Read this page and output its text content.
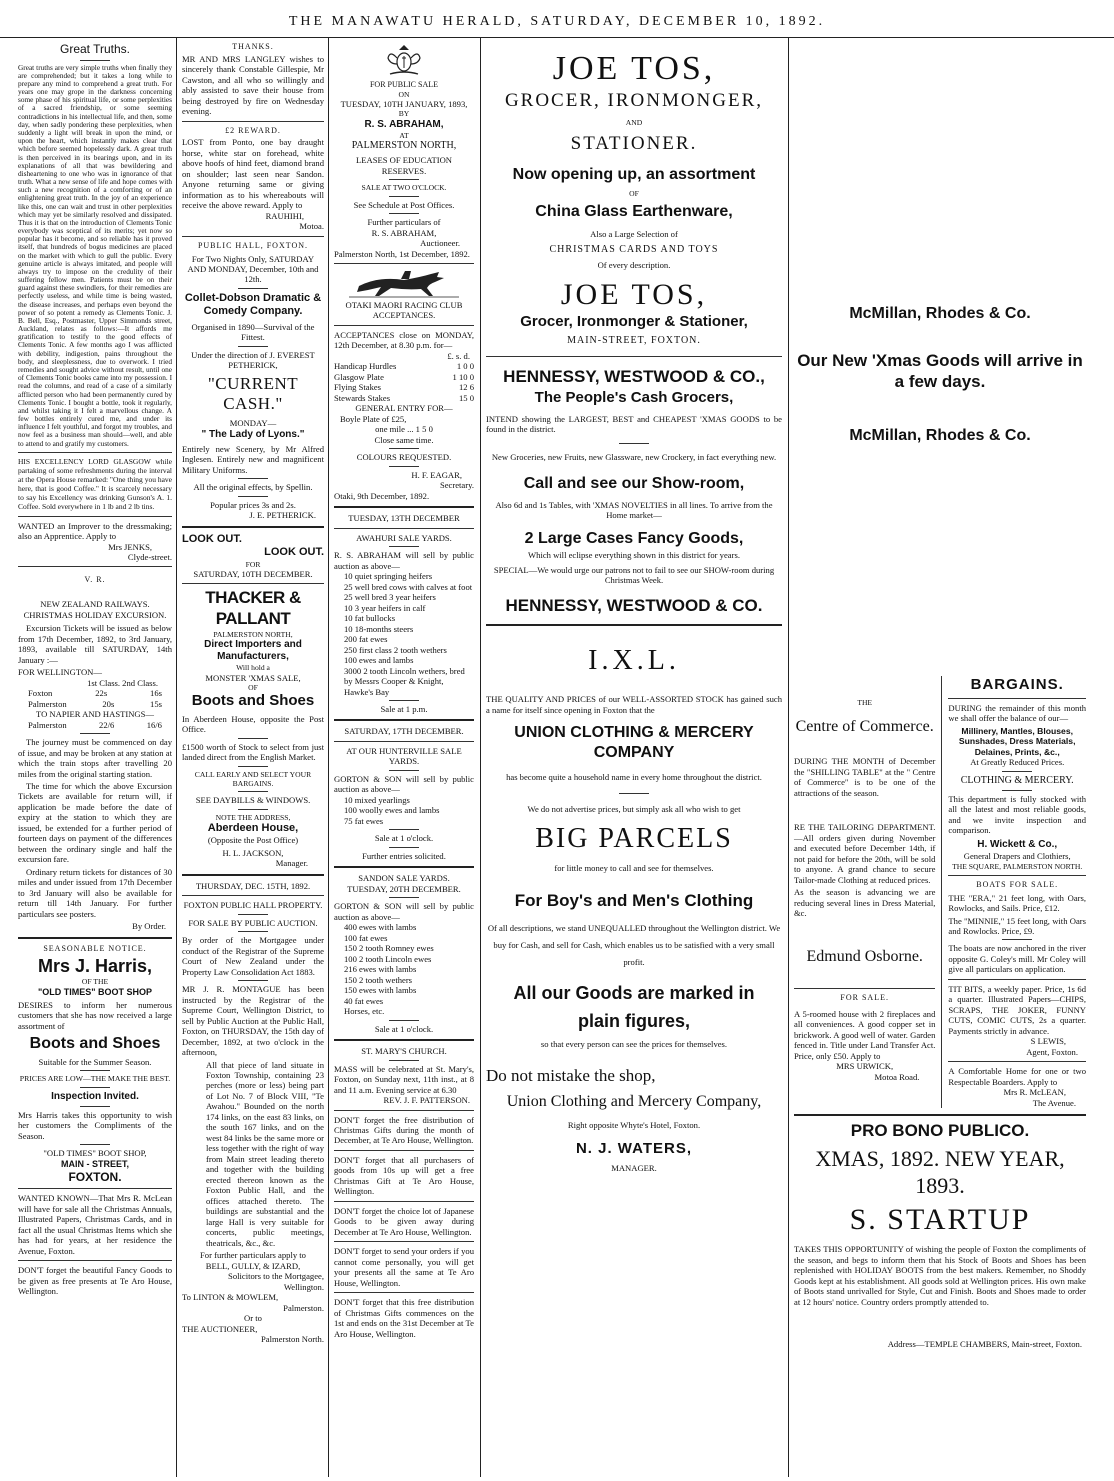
THE MANAWATU HERALD, SATURDAY, DECEMBER 10, 1892.
Great Truths.
Great truths are very simple truths when finally they are comprehended; but it takes a long while to prepare any mind to comprehend a great truth. For years one may grope in the darkness concerning some phase of his spiritual life, or some perplexities of a sacred friendship, or some seeming contradictions in his intellectual life, and then, some day, when sadly pondering these perplexities, when suddenly a light will break in upon the mind, or upon the heart, which instantly makes clear that which before seemed hopelessly dark. A great truth is then perceived in its bearings upon, and in its explanations of all that was bewildering and disheartening to one who was in ignorance of that truth. What a new sense of life and hope comes with such a new recognition of a comforting or of an enlightening great truth. In the joy of an experience like this, one can wait and trust in other perplexities which may yet be similarly resolved and dissipated. Thus it is that on the introduction of Clements Tonic everybody was sceptical of its merits; yet now so popular has it become, and so reliable has it proved itself, that hundreds of bogus medicines are placed on the market with which to gull the public. Every genuine article is always imitated, and people will always try to impose on the credulity of their suffering fellow men. Patients must be on their guard against these swindlers, for their remedies are perfectly useless, and while time is being wasted, the disease increases, and perhaps even beyond the power of so potent a remedy as Clements Tonic. J. B. Bell, Esq., Postmaster, Upper Simmonds street, Auckland, relates as follows:—It affords me gratification to testify to the good effects of Clements Tonic. A few months ago I was afflicted with debility, indigestion, pains throughout the body, and sleeplessness, due to overwork. I tried remedies and sought advice without result, until one of Clements Tonic books came into my possession. I read the columns, and read of a case of a similarly afflicted person who had been permanently cured by Clements Tonic. I bought a bottle, took it regularly, and whilst taking it I felt a marvellous change. A few bottles entirely cured me, and under its influence I felt youthful, and forgot my troubles, and now feel as a business man should—well, and able to attend to and gratify my customers.
HIS EXCELLENCY LORD GLASGOW while partaking of some refreshments during the interval at the Opera House remarked: "One thing you have here, that is good Coffee." It is scarcely necessary to say his Excellency was drinking Gunson's A. 1. Coffee. Sold everywhere in 1 lb and 2 lb tins.
WANTED an Improver to the dressmaking; also an Apprentice. Apply to
Mrs JENKS,
Clyde-street.
V. R.
NEW ZEALAND RAILWAYS.
CHRISTMAS HOLIDAY EXCURSION.
Excursion Tickets will be issued as below from 17th December, 1892, to 3rd January, 1893, available till SATURDAY, 14th January :—
FOR WELLINGTON—
1st Class. 2nd Class.
Foxton	22s	16s
Palmerston	20s	15s
TO NAPIER AND HASTINGS—
Palmerston	22/6	16/6
The journey must be commenced on day of issue, and may be broken at any station at which the train stops after travelling 20 miles from the original starting station.
The time for which the above Excursion Tickets are available for return will, if application be made before the date of expiry at the station to which they are issued, be extended for a further period of fourteen days on payment of the differences between the ordinary single and half the excursion fare.
Ordinary return tickets for distances of 30 miles and under issued from 17th December to 3rd January will also be available for return till 14th January. For further particulars see posters.
By Order.
SEASONABLE NOTICE.
Mrs J. Harris,
OF THE
"OLD TIMES" BOOT SHOP
DESIRES to inform her numerous customers that she has now received a large assortment of
Boots and Shoes
Suitable for the Summer Season.
PRICES ARE LOW—THE MAKE THE BEST.
Inspection Invited.
Mrs Harris takes this opportunity to wish her customers the Compliments of the Season.
"OLD TIMES" BOOT SHOP,
MAIN - STREET,
FOXTON.
WANTED KNOWN—That Mrs R. McLean will have for sale all the Christmas Annuals, Illustrated Papers, Christmas Cards, and in fact all the usual Christmas Items which she has had for years, at her residence the Avenue, Foxton.
DON'T forget the beautiful Fancy Goods to be given as free presents at Te Aro House, Wellington.
THANKS.
MR AND MRS LANGLEY wishes to sincerely thank Constable Gillespie, Mr Cawston, and all who so willingly and ably assisted to save their house from being destroyed by fire on Wednesday evening.
£2 REWARD.
LOST from Ponto, one bay draught horse, white star on forehead, white above hoofs of hind feet, diamond brand on shoulder; last seen near Sandon. Anyone returning same or giving information as to his whereabouts will receive the above reward. Apply to
RAUHIHI,
Motoa.
PUBLIC HALL, FOXTON.
For Two Nights Only, SATURDAY AND MONDAY, December, 10th and 12th.
Collet-Dobson Dramatic & Comedy Company.
Organised in 1890—Survival of the Fittest.
Under the direction of J. EVEREST PETHERICK,
"CURRENT CASH."
MONDAY—
" The Lady of Lyons."
Entirely new Scenery, by Mr Alfred Inglesen. Entirely new and magnificent Military Uniforms.
All the original effects, by Spellin.
Popular prices 3s and 2s.
J. E. PETHERICK.
LOOK OUT.
LOOK OUT.
FOR
SATURDAY, 10TH DECEMBER.
THACKER & PALLANT
PALMERSTON NORTH,
Direct Importers and Manufacturers,
Will hold a
MONSTER 'XMAS SALE,
OF
Boots and Shoes
In Aberdeen House, opposite the Post Office.
£1500 worth of Stock to select from just landed direct from the English Market.
CALL EARLY AND SELECT YOUR BARGAINS.
SEE DAYBILLS & WINDOWS.
NOTE THE ADDRESS,
Aberdeen House,
(Opposite the Post Office)
H. L. JACKSON,
Manager.
THURSDAY, DEC. 15TH, 1892.
FOXTON PUBLIC HALL PROPERTY.
FOR SALE BY PUBLIC AUCTION.
By order of the Mortgagee under conduct of the Registrar of the Supreme Court of New Zealand under the Property Law Consolidation Act 1883.
MR J. R. MONTAGUE has been instructed by the Registrar of the Supreme Court, Wellington District, to sell by Public Auction at the Public Hall, Foxton, on THURSDAY, the 15th day of December, 1892, at two o'clock in the afternoon,
All that piece of land situate in Foxton Township, containing 23 perches (more or less) being part of Lot No. 7 of Block VIII, "Te Awahou." Bounded on the north 174 links, on the east 83 links, on the south 167 links, and on the west 84 links be the same more or less together with the right of way from Main street leading thereto and together with the building erected thereon known as the Foxton Public Hall, and the offices attached thereto. The buildings are substantial and the large Hall is very suitable for concerts, public meetings, theatricals, &c., &c.
For further particulars apply to
BELL, GULLY, & IZARD,
Solicitors to the Mortgagee,
Wellington.
To LINTON & MOWLEM,
Palmerston.
Or to
THE AUCTIONEER,
Palmerston North.
FOR PUBLIC SALE
ON
TUESDAY, 10TH JANUARY, 1893,
BY
R. S. ABRAHAM,
AT
PALMERSTON NORTH,
LEASES OF EDUCATION RESERVES.
SALE AT TWO O'CLOCK.
See Schedule at Post Offices.
Further particulars of
R. S. ABRAHAM,
Auctioneer.
Palmerston North, 1st December, 1892.
OTAKI MAORI RACING CLUB ACCEPTANCES.
ACCEPTANCES close on MONDAY, 12th December, at 8.30 p.m. for—
£. s. d.
Handicap Hurdles	1 0 0
Glasgow Plate	1 10 0
Flying Stakes	12 6
Stewards Stakes	15 0
GENERAL ENTRY FOR—
Boyle Plate of £25,
one mile ... 1 5 0
Close same time.
COLOURS REQUESTED.
H. F. EAGAR,
Secretary.
Otaki, 9th December, 1892.
TUESDAY, 13TH DECEMBER
AWAHURI SALE YARDS.
R. S. ABRAHAM will sell by public auction as above—
10 quiet springing heifers
25 well bred cows with calves at foot
25 well bred 3 year heifers
10 3 year heifers in calf
10 fat bullocks
10 18-months steers
200 fat ewes
250 first class 2 tooth wethers
100 ewes and lambs
3000 2 tooth Lincoln wethers, bred by Messrs Cooper & Knight, Hawke's Bay
Sale at 1 p.m.
SATURDAY, 17TH DECEMBER.
AT OUR HUNTERVILLE SALE YARDS.
GORTON & SON will sell by public auction as above—
10 mixed yearlings
100 woolly ewes and lambs
75 fat ewes
Sale at 1 o'clock.
Further entries solicited.
SANDON SALE YARDS.
TUESDAY, 20TH DECEMBER.
GORTON & SON will sell by public auction as above—
400 ewes with lambs
100 fat ewes
150 2 tooth Romney ewes
100 2 tooth Lincoln ewes
216 ewes with lambs
150 2 tooth wethers
150 ewes with lambs
40 fat ewes
Horses, etc.
Sale at 1 o'clock.
ST. MARY'S CHURCH.
MASS will be celebrated at St. Mary's, Foxton, on Sunday next, 11th inst., at 8 and 11 a.m. Evening service at 6.30
REV. J. F. PATTERSON.
DON'T forget the free distribution of Christmas Gifts during the month of December, at Te Aro House, Wellington.
DON'T forget that all purchasers of goods from 10s up will get a free Christmas Gift at Te Aro House, Wellington.
DON'T forget the choice lot of Japanese Goods to be given away during December at Te Aro House, Wellington.
DON'T forget to send your orders if you cannot come personally, you will get your presents all the same at Te Aro House, Wellington.
DON'T forget that this free distribution of Christmas Gifts commences on the 1st and ends on the 31st December at Te Aro House, Wellington.
JOE TOS,
GROCER, IRONMONGER,
AND
STATIONER.
Now opening up, an assortment
OF
China Glass Earthenware,
Also a Large Selection of
CHRISTMAS CARDS AND TOYS
Of every description.
JOE TOS,
Grocer, Ironmonger & Stationer,
MAIN-STREET, FOXTON.
HENNESSY, WESTWOOD & CO.,
The People's Cash Grocers,
INTEND showing the LARGEST, BEST and CHEAPEST 'XMAS GOODS to be found in the district.
New Groceries, new Fruits, new Glassware, new Crockery, in fact everything new.
Call and see our Show-room,
Also 6d and 1s Tables, with 'XMAS NOVELTIES in all lines. To arrive from the Home market—
2 Large Cases Fancy Goods,
Which will eclipse everything shown in this district for years.
SPECIAL—We would urge our patrons not to fail to see our SHOW-room during Christmas Week.
HENNESSY, WESTWOOD & CO.
I.X.L.
THE QUALITY AND PRICES of our WELL-ASSORTED STOCK has gained such a name for itself since opening in Foxton that the
UNION CLOTHING & MERCERY
COMPANY
has become quite a household name in every home throughout the district.
We do not advertise prices, but simply ask all who wish to get
BIG PARCELS
for little money to call and see for themselves.
For Boy's and Men's Clothing
Of all descriptions, we stand UNEQUALLED throughout the Wellington district. We buy for Cash, and sell for Cash, which enables us to be satisfied with a very small profit.
All our Goods are marked in
plain figures,
so that every person can see the prices for themselves.
Do not mistake the shop,
Union Clothing and Mercery Company,
Right opposite Whyte's Hotel, Foxton.
N. J. WATERS,
MANAGER.
McMillan, Rhodes & Co.
Our New 'Xmas Goods will arrive in a few days.
McMillan, Rhodes & Co.
THE
Centre of Commerce.
DURING THE MONTH of December the "SHILLING TABLE" at the " Centre of Commerce" is to be one of the attractions of the season.
RE THE TAILORING DEPARTMENT.—All orders given during November and executed before December 14th, if not paid for before the 20th, will be sold to anyone. A grand chance to secure Tailor-made Clothing at reduced prices.
As the season is advancing we are reducing several lines in Dress Material, &c.
Edmund Osborne.
FOR SALE.
A 5-roomed house with 2 fireplaces and all conveniences. A good copper set in brickwork. A good well of water. Garden fenced in. Title under Land Transfer Act. Price, only £50. Apply to
MRS URWICK,
Motoa Road.
BARGAINS.
DURING the remainder of this month we shall offer the balance of our—
Millinery, Mantles, Blouses, Sunshades, Dress Materials, Delaines, Prints, &c.,
At Greatly Reduced Prices.
CLOTHING & MERCERY.
This department is fully stocked with all the latest and most reliable goods, and we invite inspection and comparison.
H. Wickett & Co.,
General Drapers and Clothiers,
THE SQUARE, PALMERSTON NORTH.
BOATS FOR SALE.
THE "ERA," 21 feet long, with Oars, Rowlocks, and Sails. Price, £12.
The "MINNIE," 15 feet long, with Oars and Rowlocks. Price, £9.
The boats are now anchored in the river opposite G. Coley's mill. Mr Coley will give all particulars on application.
TIT BITS, a weekly paper. Price, 1s 6d a quarter. Illustrated Papers—CHIPS, SCRAPS, THE JOKER, FUNNY CUTS, COMIC CUTS, 2s a quarter. Payments strictly in advance.
S LEWIS,
Agent, Foxton.
A Comfortable Home for one or two Respectable Boarders. Apply to
Mrs R. McLEAN,
The Avenue.
PRO BONO PUBLICO.
XMAS, 1892. NEW YEAR, 1893.
S. STARTUP
TAKES THIS OPPORTUNITY of wishing the people of Foxton the compliments of the season, and begs to inform them that his Stock of Boots and Shoes has been replenished with HOLIDAY BOOTS from the best makers. Remember, no Shoddy Goods kept at his establishment. All goods sold at Wellington prices. His own make of Boots stand unrivalled for Style, Cut and Finish. Boots and Shoes made to order at 12 hours' notice. Country orders promptly attended to.
Address—TEMPLE CHAMBERS, Main-street, Foxton.
